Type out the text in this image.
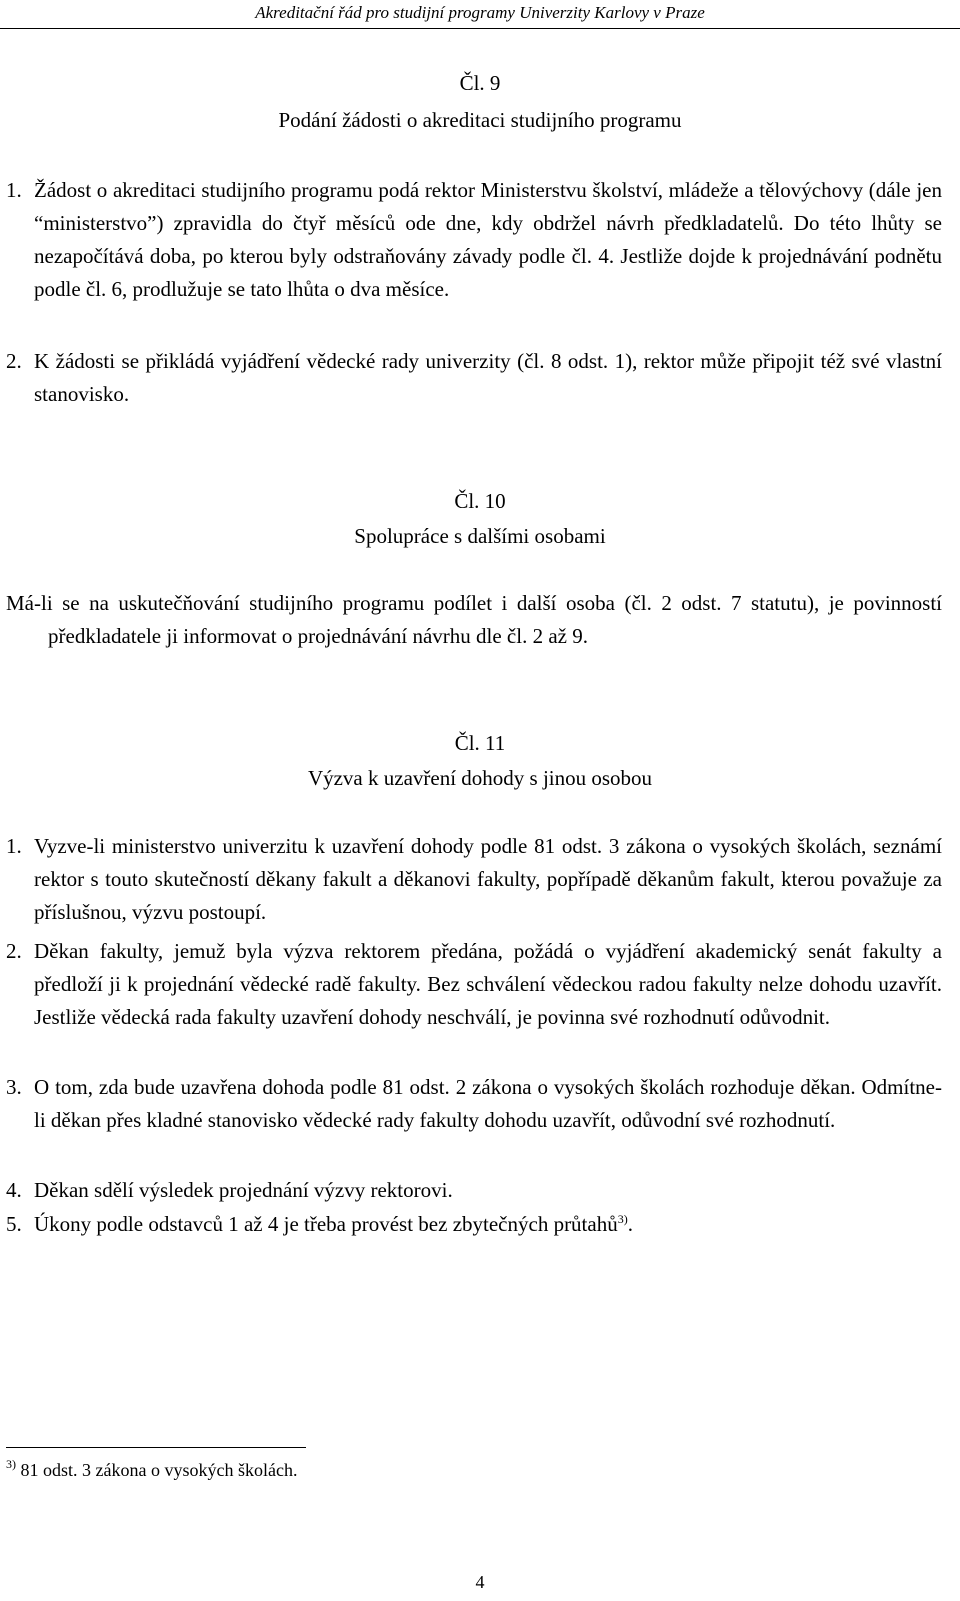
Akreditační řád pro studijní programy Univerzity Karlovy v Praze
Čl. 9
Podání žádosti o akreditaci studijního programu
1. Žádost o akreditaci studijního programu podá rektor Ministerstvu školství, mládeže a tělovýchovy (dále jen “ministerstvo”) zpravidla do čtyř měsíců ode dne, kdy obdržel návrh předkladatelů. Do této lhůty se nezapočítává doba, po kterou byly odstraňovány závady podle čl. 4. Jestliže dojde k projednávání podnětu podle čl. 6, prodlužuje se tato lhůta o dva měsíce.
2. K žádosti se přikládá vyjádření vědecké rady univerzity (čl. 8 odst. 1), rektor může připojit též své vlastní stanovisko.
Čl. 10
Spolupráce s dalšími osobami
Má-li se na uskutečňování studijního programu podílet i další osoba (čl. 2 odst. 7 statutu), je povinností předkladatele ji informovat o projednávání návrhu dle čl. 2 až 9.
Čl. 11
Výzva k uzavření dohody s jinou osobou
1. Vyzve-li ministerstvo univerzitu k uzavření dohody podle 81 odst. 3 zákona o vysokých školách, seznámí rektor s touto skutečností děkany fakult a děkanovi fakulty, popřípadě děkanům fakult, kterou považuje za příslušnou, výzvu postoupí.
2. Děkan fakulty, jemuž byla výzva rektorem předána, požádá o vyjádření akademický senát fakulty a předloží ji k projednání vědecké radě fakulty. Bez schválení vědeckou radou fakulty nelze dohodu uzavřít. Jestliže vědecká rada fakulty uzavření dohody neschválí, je povinna své rozhodnutí odůvodnit.
3. O tom, zda bude uzavřena dohoda podle 81 odst. 2 zákona o vysokých školách rozhoduje děkan. Odmítne-li děkan přes kladné stanovisko vědecké rady fakulty dohodu uzavřít, odůvodní své rozhodnutí.
4. Děkan sdělí výsledek projednání výzvy rektorovi.
5. Úkony podle odstavců 1 až 4 je třeba provést bez zbytečných průtahů$^{3)}$.
$^{3)}$ 81 odst. 3 zákona o vysokých školách.
4
